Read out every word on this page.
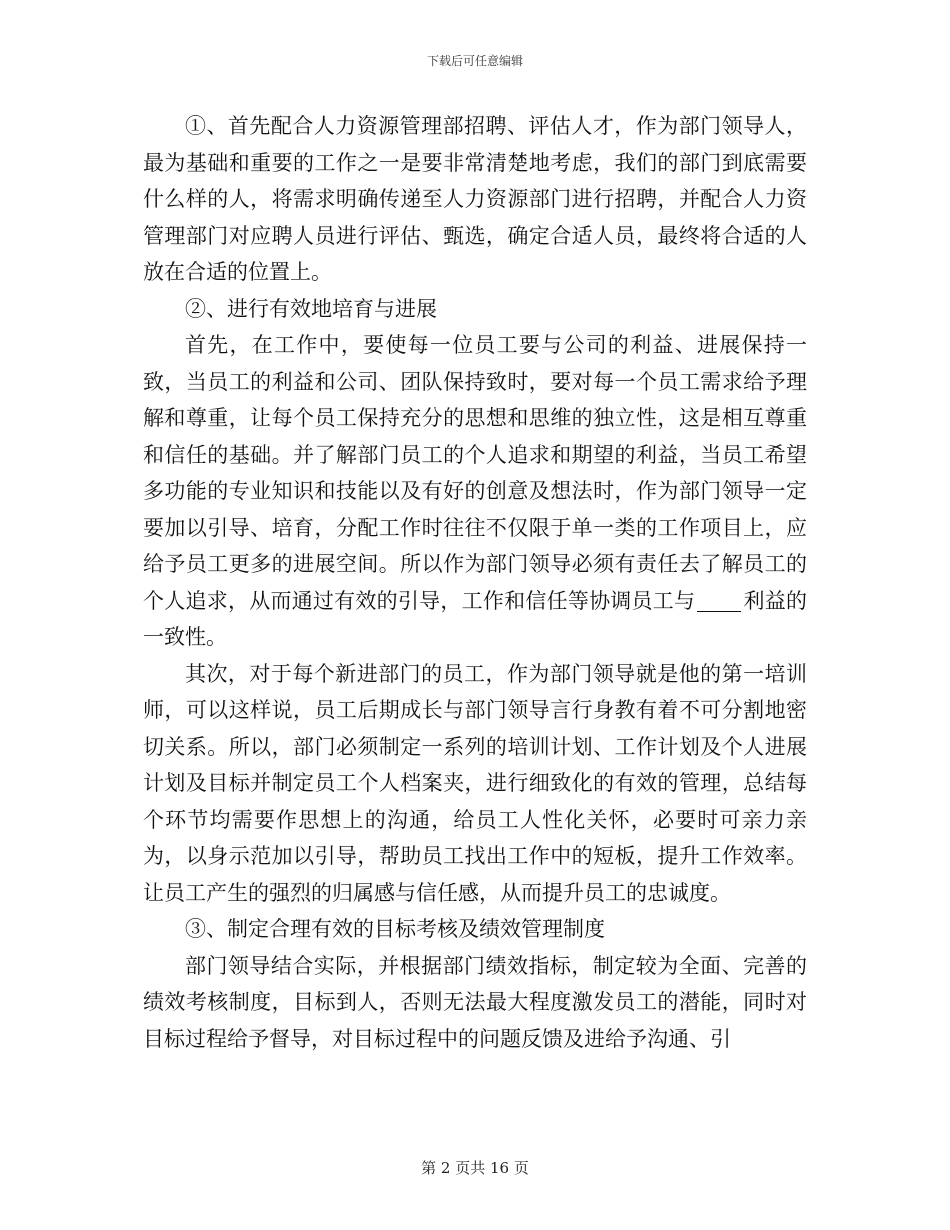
下载后可任意编辑

①、首先配合人力资源管理部招聘、评估人才，作为部门领导人，最为基础和重要的工作之一是要非常清楚地考虑，我们的部门到底需要什么样的人，将需求明确传递至人力资源部门进行招聘，并配合人力资管理部门对应聘人员进行评估、甄选，确定合适人员，最终将合适的人放在合适的位置上。

②、进行有效地培育与进展

首先，在工作中，要使每一位员工要与公司的利益、进展保持一致，当员工的利益和公司、团队保持致时，要对每一个员工需求给予理解和尊重，让每个员工保持充分的思想和思维的独立性，这是相互尊重和信任的基础。并了解部门员工的个人追求和期望的利益，当员工希望多功能的专业知识和技能以及有好的创意及想法时，作为部门领导一定要加以引导、培育，分配工作时往往不仅限于单一类的工作项目上，应给予员工更多的进展空间。所以作为部门领导必须有责任去了解员工的个人追求，从而通过有效的引导，工作和信任等协调员工与 利益的一致性。

其次，对于每个新进部门的员工，作为部门领导就是他的第一培训师，可以这样说，员工后期成长与部门领导言行身教有着不可分割地密切关系。所以，部门必须制定一系列的培训计划、工作计划及个人进展计划及目标并制定员工个人档案夹，进行细致化的有效的管理，总结每个环节均需要作思想上的沟通，给员工人性化关怀，必要时可亲力亲为，以身示范加以引导，帮助员工找出工作中的短板，提升工作效率。让员工产生的强烈的归属感与信任感，从而提升员工的忠诚度。

③、制定合理有效的目标考核及绩效管理制度

部门领导结合实际，并根据部门绩效指标，制定较为全面、完善的绩效考核制度，目标到人，否则无法最大程度激发员工的潜能，同时对目标过程给予督导，对目标过程中的问题反馈及进给予沟通、引

第 2 页共 16 页
